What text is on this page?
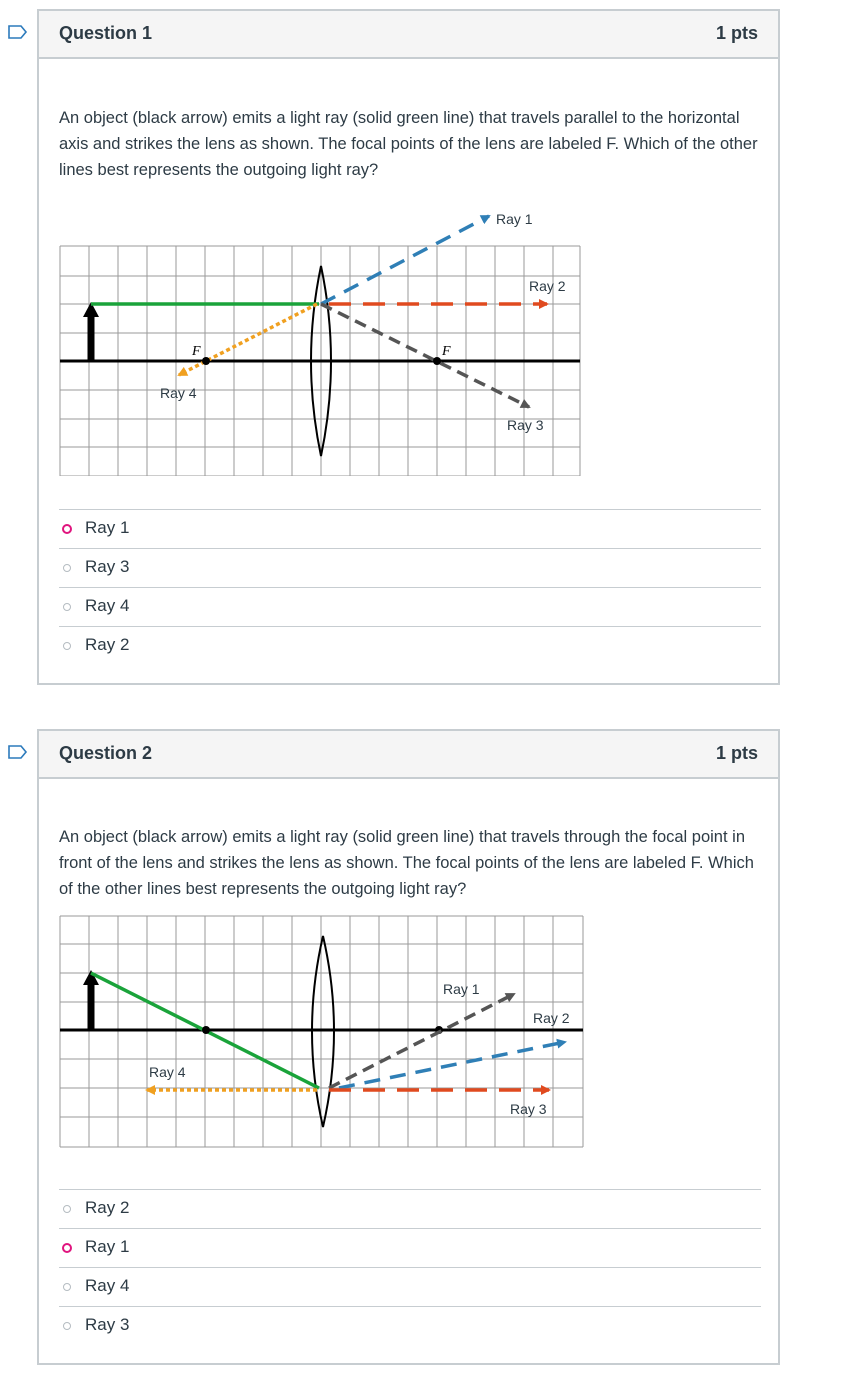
Question 1	1 pts
An object (black arrow) emits a light ray (solid green line) that travels parallel to the horizontal axis and strikes the lens as shown. The focal points of the lens are labeled F. Which of the other lines best represents the outgoing light ray?
F	F
Ray 1
Ray 2
Ray 3
Ray 4
Ray 1
Ray 3
Ray 4
Ray 2
Question 2	1 pts
An object (black arrow) emits a light ray (solid green line) that travels through the focal point in front of the lens and strikes the lens as shown. The focal points of the lens are labeled F. Which of the other lines best represents the outgoing light ray?
Ray 1
Ray 2
Ray 3
Ray 4
Ray 2
Ray 1
Ray 4
Ray 3
